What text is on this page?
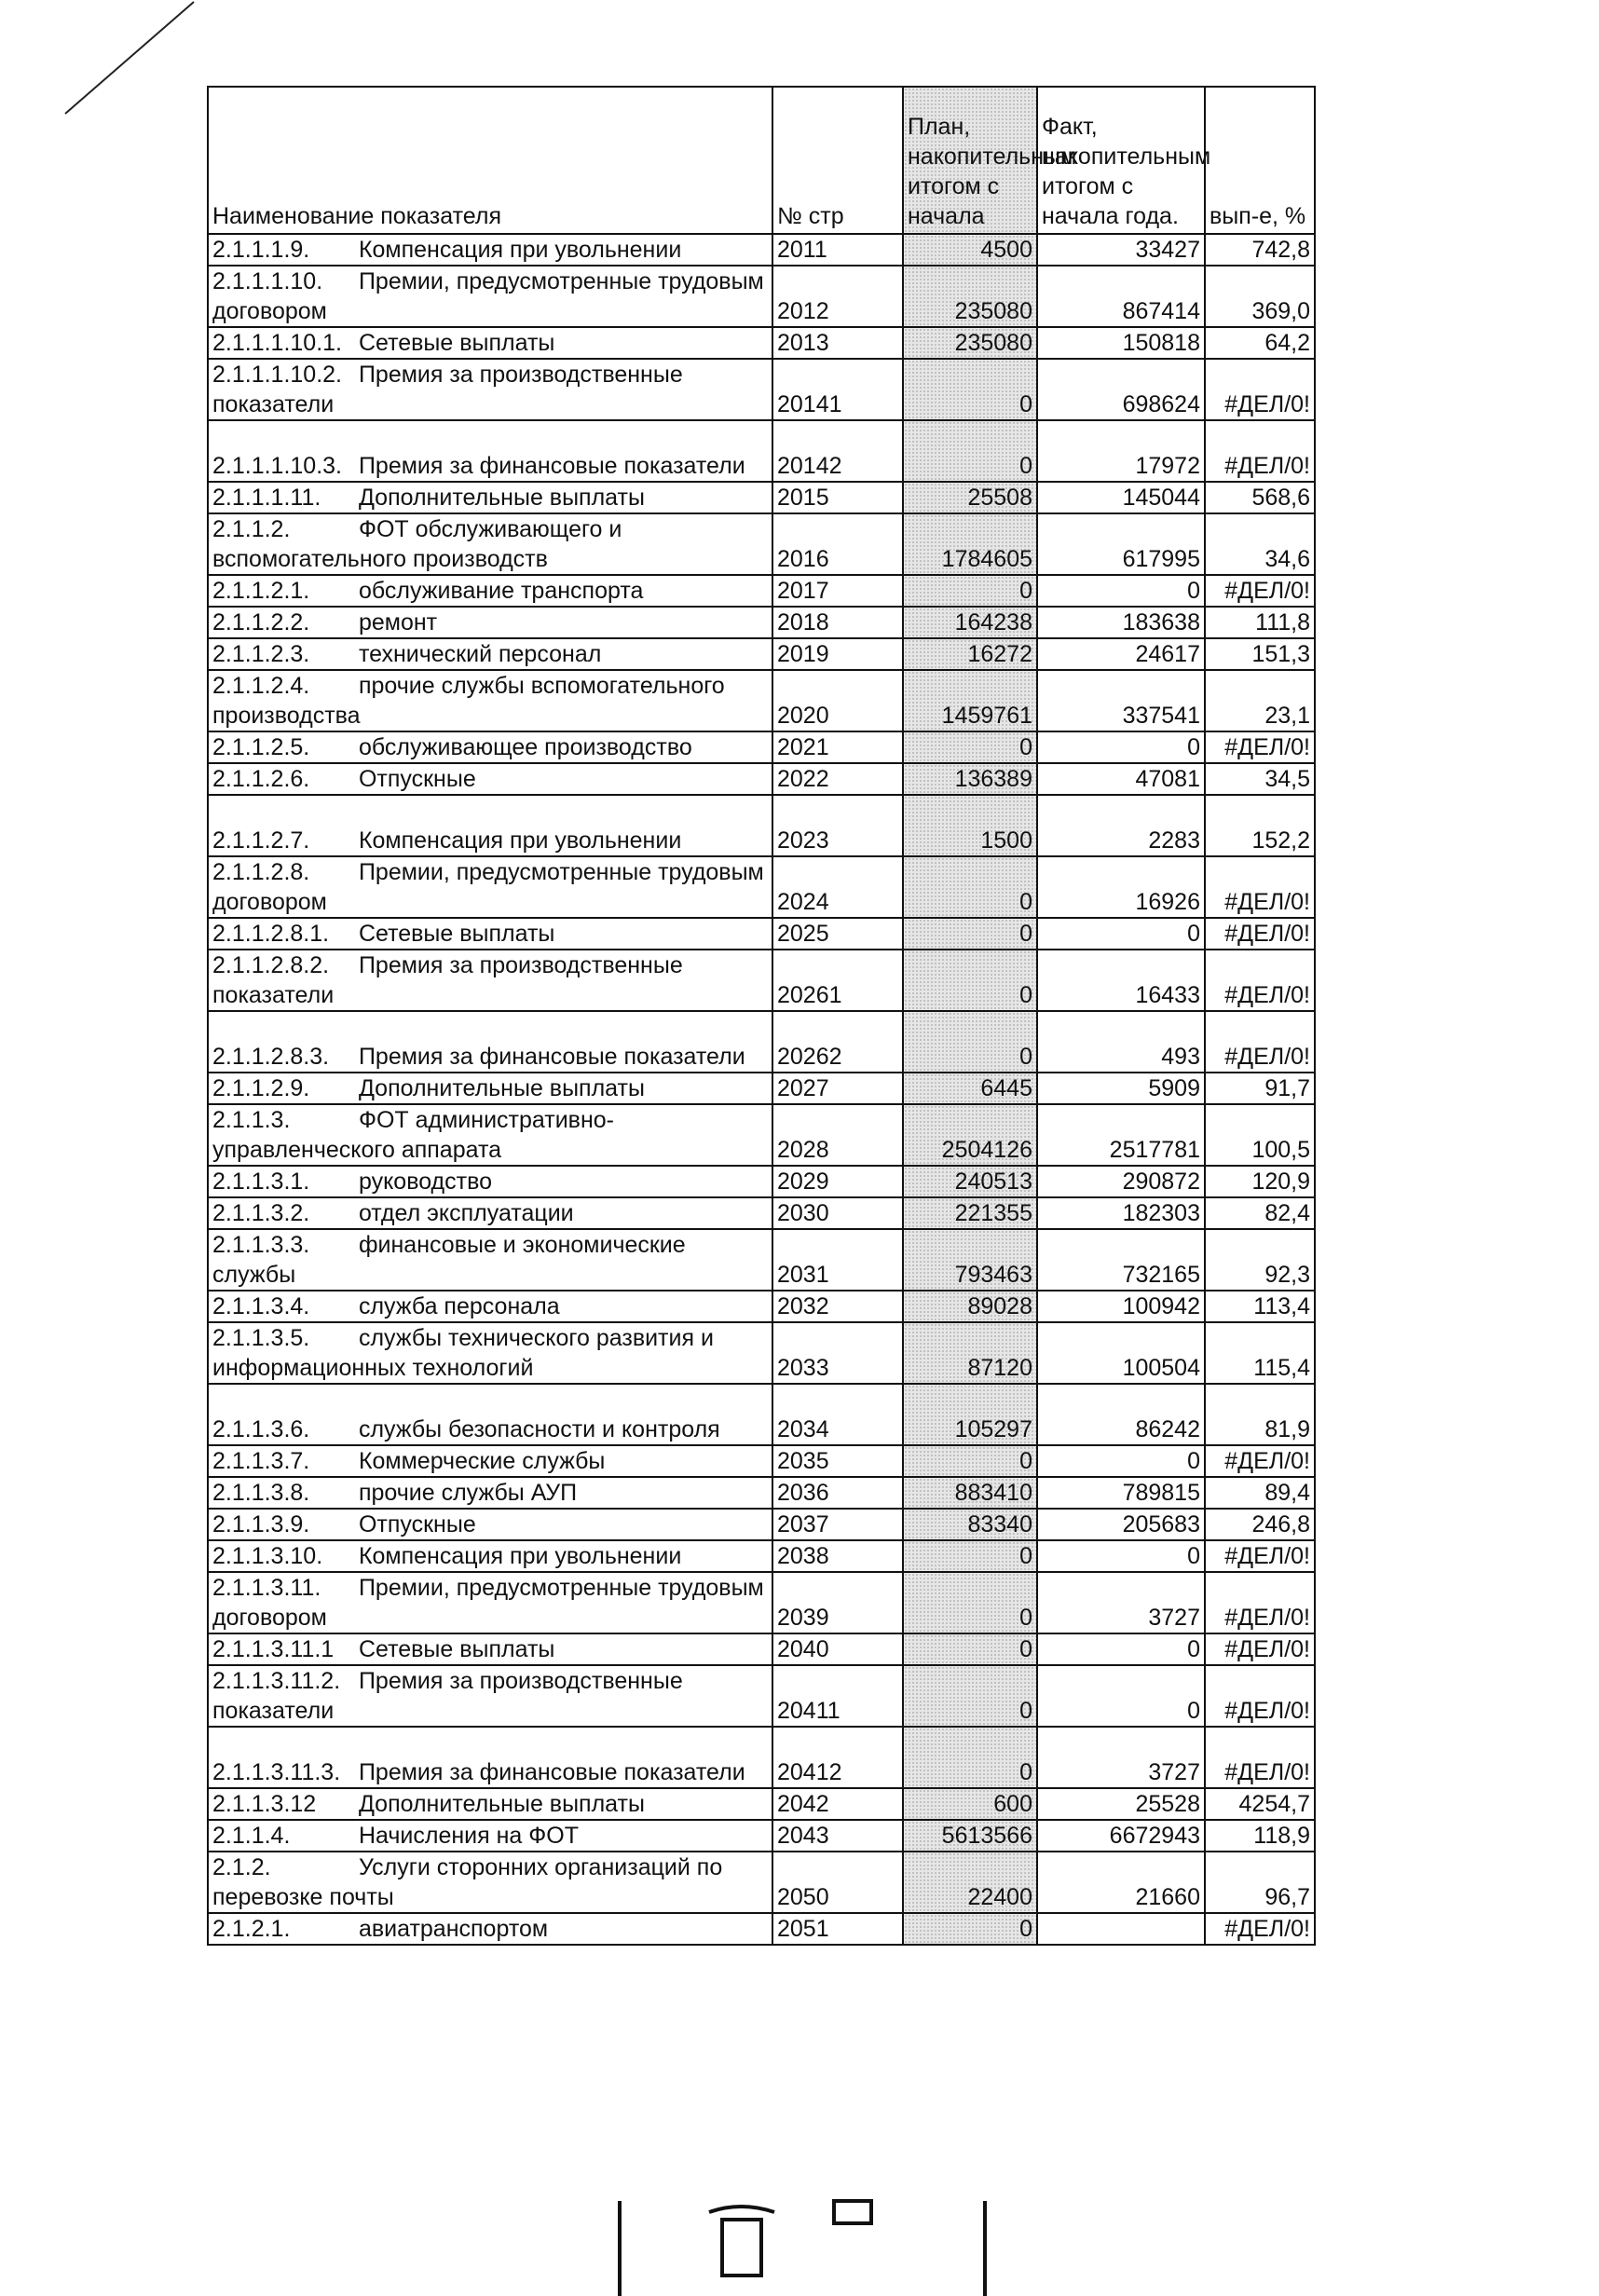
Наименование показателя	№ стр	План, накопительным итогом с начала	Факт, накопительным итогом с начала года.	вып-е, %
2.1.1.1.9. Компенсация при увольнении	2011	4500	33427	742,8
2.1.1.1.10. Премии, предусмотренные трудовым договором	2012	235080	867414	369,0
2.1.1.1.10.1. Сетевые выплаты	2013	235080	150818	64,2
2.1.1.1.10.2. Премия за производственные показатели	20141	0	698624	#ДЕЛ/0!
2.1.1.1.10.3. Премия за финансовые показатели	20142	0	17972	#ДЕЛ/0!
2.1.1.1.11. Дополнительные выплаты	2015	25508	145044	568,6
2.1.1.2. ФОТ обслуживающего и вспомогательного производств	2016	1784605	617995	34,6
2.1.1.2.1. обслуживание транспорта	2017	0	0	#ДЕЛ/0!
2.1.1.2.2. ремонт	2018	164238	183638	111,8
2.1.1.2.3. технический персонал	2019	16272	24617	151,3
2.1.1.2.4. прочие службы вспомогательного производства	2020	1459761	337541	23,1
2.1.1.2.5. обслуживающее производство	2021	0	0	#ДЕЛ/0!
2.1.1.2.6. Отпускные	2022	136389	47081	34,5
2.1.1.2.7. Компенсация при увольнении	2023	1500	2283	152,2
2.1.1.2.8. Премии, предусмотренные трудовым договором	2024	0	16926	#ДЕЛ/0!
2.1.1.2.8.1. Сетевые выплаты	2025	0	0	#ДЕЛ/0!
2.1.1.2.8.2. Премия за производственные показатели	20261	0	16433	#ДЕЛ/0!
2.1.1.2.8.3. Премия за финансовые показатели	20262	0	493	#ДЕЛ/0!
2.1.1.2.9. Дополнительные выплаты	2027	6445	5909	91,7
2.1.1.3. ФОТ административно-управленческого аппарата	2028	2504126	2517781	100,5
2.1.1.3.1. руководство	2029	240513	290872	120,9
2.1.1.3.2. отдел эксплуатации	2030	221355	182303	82,4
2.1.1.3.3. финансовые и экономические службы	2031	793463	732165	92,3
2.1.1.3.4. служба персонала	2032	89028	100942	113,4
2.1.1.3.5. службы технического развития и информационных технологий	2033	87120	100504	115,4
2.1.1.3.6. службы безопасности и контроля	2034	105297	86242	81,9
2.1.1.3.7. Коммерческие службы	2035	0	0	#ДЕЛ/0!
2.1.1.3.8. прочие службы АУП	2036	883410	789815	89,4
2.1.1.3.9. Отпускные	2037	83340	205683	246,8
2.1.1.3.10. Компенсация при увольнении	2038	0	0	#ДЕЛ/0!
2.1.1.3.11. Премии, предусмотренные трудовым договором	2039	0	3727	#ДЕЛ/0!
2.1.1.3.11.1 Сетевые выплаты	2040	0	0	#ДЕЛ/0!
2.1.1.3.11.2. Премия за производственные показатели	20411	0	0	#ДЕЛ/0!
2.1.1.3.11.3. Премия за финансовые показатели	20412	0	3727	#ДЕЛ/0!
2.1.1.3.12 Дополнительные выплаты	2042	600	25528	4254,7
2.1.1.4. Начисления на ФОТ	2043	5613566	6672943	118,9
2.1.2. Услуги сторонних организаций по перевозке почты	2050	22400	21660	96,7
2.1.2.1. авиатранспортом	2051	0		#ДЕЛ/0!
